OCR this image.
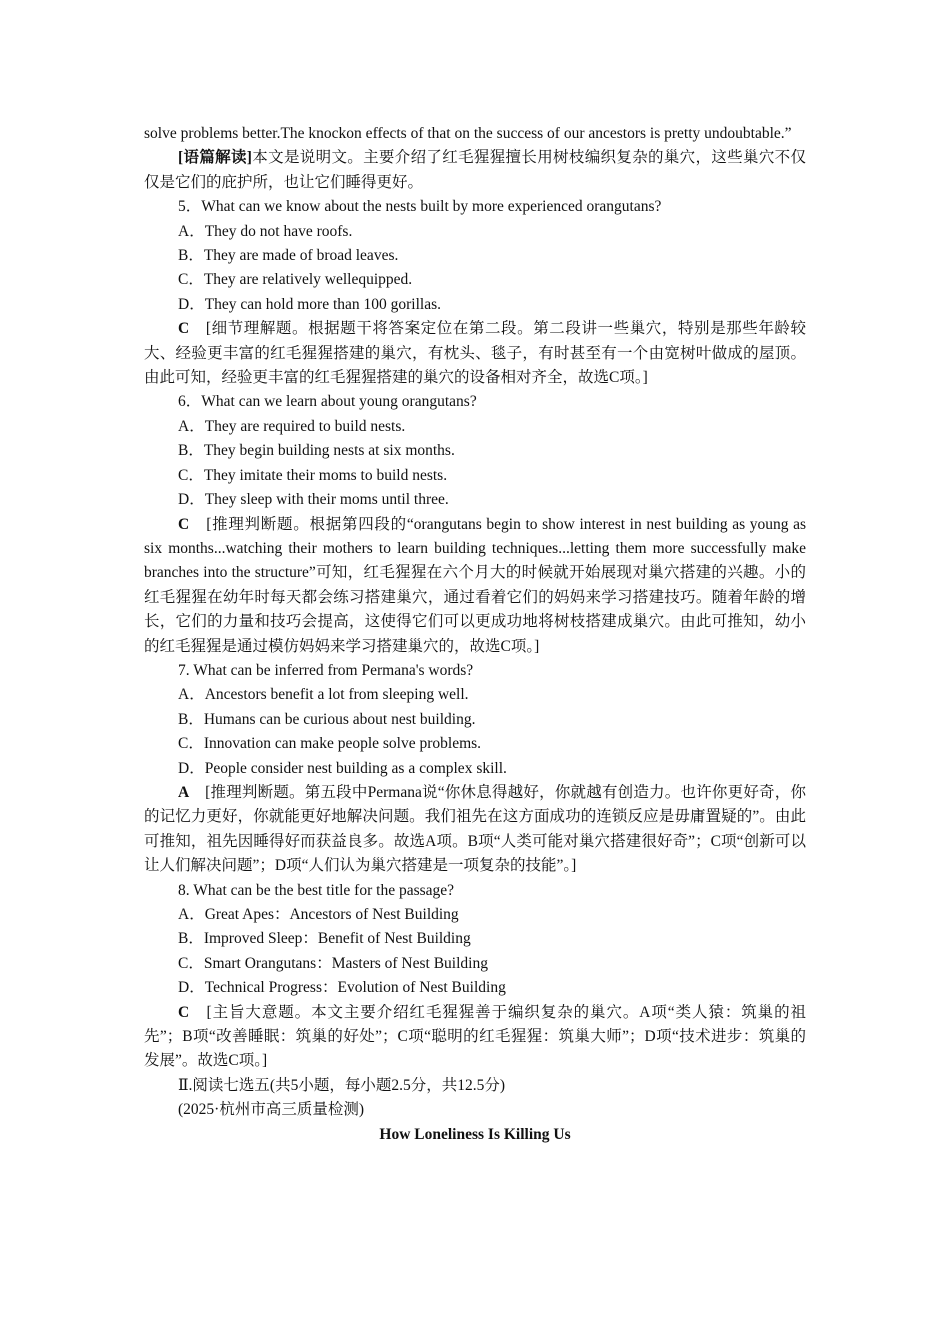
solve problems better.The knockon effects of that on the success of our ancestors is pretty undoubtable.”

[语篇解读]本文是说明文。主要介绍了红毛猩猩擅长用树枝编织复杂的巢穴，这些巢穴不仅仅是它们的庇护所，也让它们睡得更好。

5．What can we know about the nests built by more experienced orangutans?

A．They do not have roofs.

B．They are made of broad leaves.

C．They are relatively wellequipped.

D．They can hold more than 100 gorillas.

C　 [细节理解题。根据题干将答案定位在第二段。第二段讲一些巢穴，特别是那些年龄较大、经验更丰富的红毛猩猩搭建的巢穴，有枕头、毯子，有时甚至有一个由宽树叶做成的屋顶。由此可知，经验更丰富的红毛猩猩搭建的巢穴的设备相对齐全，故选C项。]

6．What can we learn about young orangutans?

A．They are required to build nests.

B．They begin building nests at six months.

C．They imitate their moms to build nests.

D．They sleep with their moms until three.

C　 [推理判断题。根据第四段的“orangutans begin to show interest in nest building as young as six months...watching their mothers to learn building techniques...letting them more successfully make branches into the structure”可知，红毛猩猩在六个月大的时候就开始展现对巢穴搭建的兴趣。小的红毛猩猩在幼年时每天都会练习搭建巢穴，通过看着它们的妈妈来学习搭建技巧。随着年龄的增长，它们的力量和技巧会提高，这使得它们可以更成功地将树枝搭建成巢穴。由此可推知，幼小的红毛猩猩是通过模仿妈妈来学习搭建巢穴的，故选C项。]

7. What can be inferred from Permana's words?

A．Ancestors benefit a lot from sleeping well.

B．Humans can be curious about nest building.

C．Innovation can make people solve problems.

D．People consider nest building as a complex skill.

A　 [推理判断题。第五段中Permana说“你休息得越好，你就越有创造力。也许你更好奇，你的记忆力更好，你就能更好地解决问题。我们祖先在这方面成功的连锁反应是毋庸置疑的”。由此可推知，祖先因睡得好而获益良多。故选A项。B项“人类可能对巢穴搭建很好奇”；C项“创新可以让人们解决问题”；D项“人们认为巢穴搭建是一项复杂的技能”。]

8. What can be the best title for the passage?

A．Great Apes：Ancestors of Nest Building

B．Improved Sleep：Benefit of Nest Building

C．Smart Orangutans：Masters of Nest Building

D．Technical Progress：Evolution of Nest Building

C　 [主旨大意题。本文主要介绍红毛猩猩善于编织复杂的巢穴。A项“类人猿：筑巢的祖先”；B项“改善睡眠：筑巢的好处”；C项“聪明的红毛猩猩：筑巢大师”；D项“技术进步：筑巢的发展”。故选C项。]

Ⅱ.阅读七选五(共5小题，每小题2.5分，共12.5分)

(2025·杭州市高三质量检测)

How Loneliness Is Killing Us
